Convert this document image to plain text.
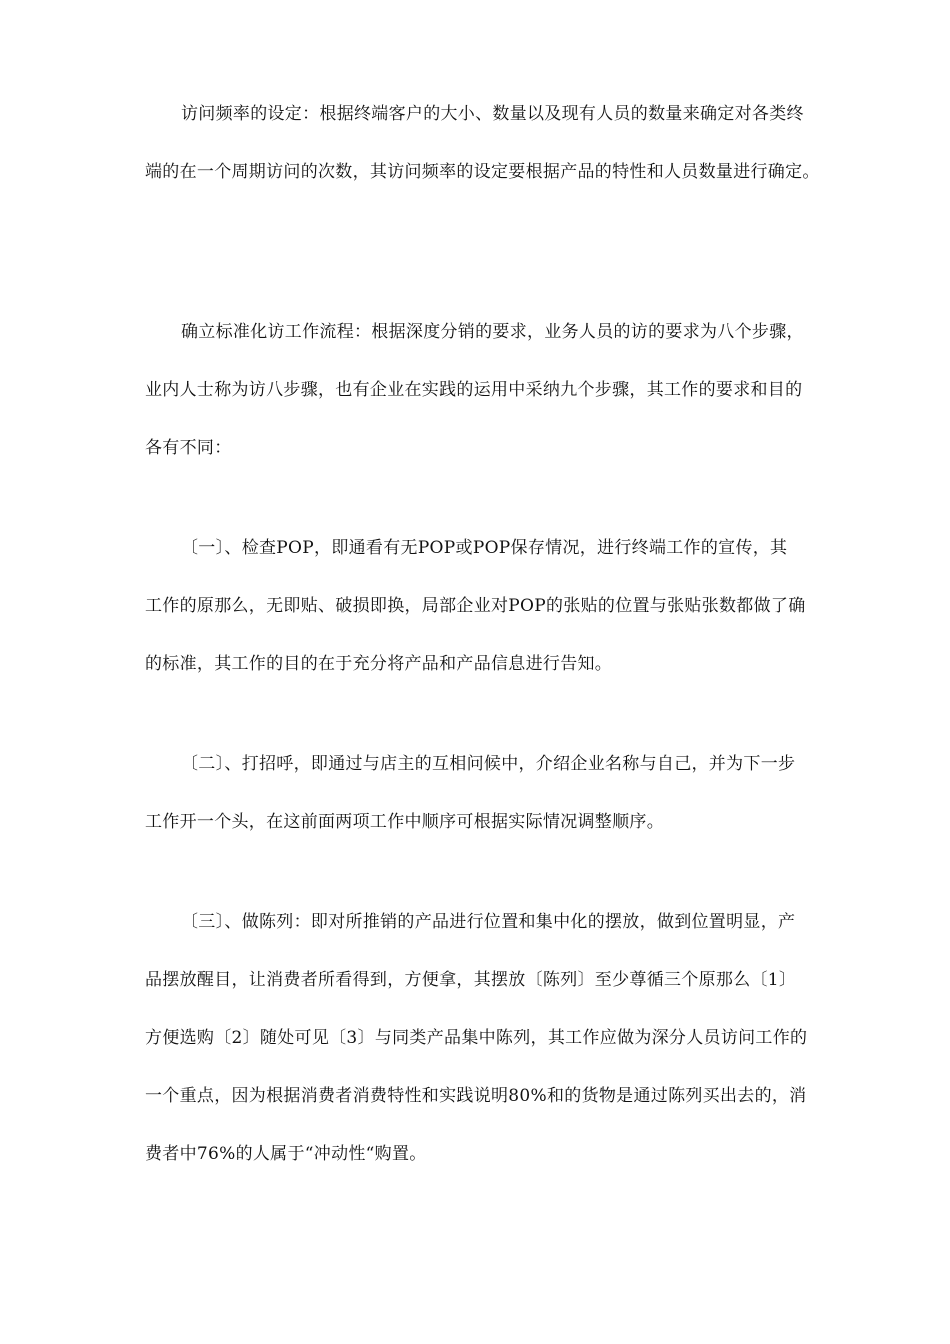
访问频率的设定：根据终端客户的大小、数量以及现有人员的数量来确定对各类终
端的在一个周期访问的次数，其访问频率的设定要根据产品的特性和人员数量进行确定。
确立标准化访工作流程：根据深度分销的要求，业务人员的访的要求为八个步骤，
业内人士称为访八步骤，也有企业在实践的运用中采纳九个步骤，其工作的要求和目的
各有不同：
〔一〕、检查POP，即通看有无POP或POP保存情况，进行终端工作的宣传，其
工作的原那么，无即贴、破损即换，局部企业对POP的张贴的位置与张贴张数都做了确
的标准，其工作的目的在于充分将产品和产品信息进行告知。
〔二〕、打招呼，即通过与店主的互相问候中，介绍企业名称与自己，并为下一步
工作开一个头，在这前面两项工作中顺序可根据实际情况调整顺序。
〔三〕、做陈列：即对所推销的产品进行位置和集中化的摆放，做到位置明显，产
品摆放醒目，让消费者所看得到，方便拿，其摆放〔陈列〕至少尊循三个原那么〔1〕
方便选购〔2〕随处可见〔3〕与同类产品集中陈列，其工作应做为深分人员访问工作的
一个重点，因为根据消费者消费特性和实践说明80%和的货物是通过陈列买出去的，消
费者中76%的人属于“冲动性“购置。
